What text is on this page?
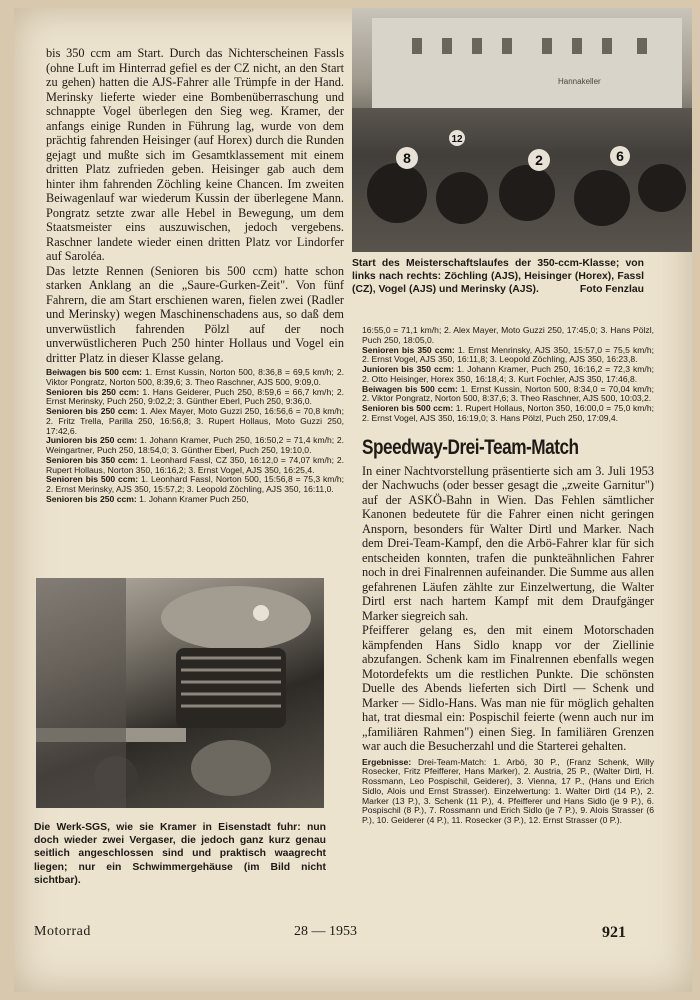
bis 350 ccm am Start. Durch das Nichterscheinen Fassls (ohne Luft im Hinterrad gefiel es der CZ nicht, an den Start zu gehen) hatten die AJS-Fahrer alle Trümpfe in der Hand. Merinsky lieferte wieder eine Bombenüberraschung und schnappte Vogel überlegen den Sieg weg. Kramer, der anfangs einige Runden in Führung lag, wurde von dem prächtig fahrenden Heisinger (auf Horex) durch die Runden gejagt und mußte sich im Gesamtklassement mit einem dritten Platz zufrieden geben. Heisinger gab auch dem hinter ihm fahrenden Zöchling keine Chancen. Im zweiten Beiwagenlauf war wiederum Kussin der überlegene Mann. Pongratz setzte zwar alle Hebel in Bewegung, um dem Staatsmeister eins auszuwischen, jedoch vergebens. Raschner landete wieder einen dritten Platz vor Lindorfer auf Saroléa.

Das letzte Rennen (Senioren bis 500 ccm) hatte schon starken Anklang an die „Saure-Gurken-Zeit". Von fünf Fahrern, die am Start erschienen waren, fielen zwei (Radler und Merinsky) wegen Maschinenschadens aus, so daß dem unverwüstlich fahrenden Pölzl auf der noch unverwüstlicheren Puch 250 hinter Hollaus und Vogel ein dritter Platz in dieser Klasse gelang.

Beiwagen bis 500 ccm: 1. Ernst Kussin, Norton 500, 8:36,8 = 69,5 km/h; 2. Viktor Pongratz, Norton 500, 8:39,6; 3. Theo Raschner, AJS 500, 9:09,0.

Senioren bis 250 ccm: 1. Hans Geiderer, Puch 250, 8:59,6 = 66,7 km/h; 2. Ernst Merinsky, Puch 250, 9:02,2; 3. Günther Eberl, Puch 250, 9:36,0.

Senioren bis 250 ccm: 1. Alex Mayer, Moto Guzzi 250, 16:56,6 = 70,8 km/h; 2. Fritz Trella, Parilla 250, 16:56,8; 3. Rupert Hollaus, Moto Guzzi 250, 17:42,6.

Junioren bis 250 ccm: 1. Johann Kramer, Puch 250, 16:50,2 = 71,4 km/h; 2. Weingartner, Puch 250, 18:54,0; 3. Günther Eberl, Puch 250, 19:10,0.

Senioren bis 350 ccm: 1. Leonhard Fassl, CZ 350, 16:12,0 = 74,07 km/h; 2. Rupert Hollaus, Norton 350, 16:16,2; 3. Ernst Vogel, AJS 350, 16:25,4.

Senioren bis 500 ccm: 1. Leonhard Fassl, Norton 500, 15:56,8 = 75,3 km/h; 2. Ernst Merinsky, AJS 350, 15:57,2; 3. Leopold Zöchling, AJS 350, 16:11,0.

Senioren bis 250 ccm: 1. Johann Kramer Puch 250,

Die Werk-SGS, wie sie Kramer in Eisenstadt fuhr: nun doch wieder zwei Vergaser, die jedoch ganz kurz genau seitlich angeschlossen sind und praktisch waagrecht liegen; nur ein Schwimmergehäuse (im Bild nicht sichtbar).

Hannakeller
8
12
2	6

Start des Meisterschaftslaufes der 350-ccm-Klasse; von links nach rechts: Zöchling (AJS), Heisinger (Horex), Fassl (CZ), Vogel (AJS) und Merinsky (AJS).	Foto Fenzlau

16:55,0 = 71,1 km/h; 2. Alex Mayer, Moto Guzzi 250, 17:45,0; 3. Hans Pölzl, Puch 250, 18:05,0.

Senioren bis 350 ccm: 1. Ernst Menrinsky, AJS 350, 15:57,0 = 75,5 km/h; 2. Ernst Vogel, AJS 350, 16:11,8; 3. Leopold Zöchling, AJS 350, 16:23,8.

Junioren bis 350 ccm: 1. Johann Kramer, Puch 250, 16:16,2 = 72,3 km/h; 2. Otto Heisinger, Horex 350, 16:18,4; 3. Kurt Fochler, AJS 350, 17:46,8.

Beiwagen bis 500 ccm: 1. Ernst Kussin, Norton 500, 8:34,0 = 70,04 km/h; 2. Viktor Pongratz, Norton 500, 8:37,6; 3. Theo Raschner, AJS 500, 10:03,2.

Senioren bis 500 ccm: 1. Rupert Hollaus, Norton 350, 16:00,0 = 75,0 km/h; 2. Ernst Vogel, AJS 350, 16:19,0; 3. Hans Pölzl, Puch 250, 17:09,4.

Speedway-Drei-Team-Match

In einer Nachtvorstellung präsentierte sich am 3. Juli 1953 der Nachwuchs (oder besser gesagt die „zweite Garnitur") auf der ASKÖ-Bahn in Wien. Das Fehlen sämtlicher Kanonen bedeutete für die Fahrer einen nicht geringen Ansporn, besonders für Walter Dirtl und Marker. Nach dem Drei-Team-Kampf, den die Arbö-Fahrer klar für sich entscheiden konnten, trafen die punkteähnlichen Fahrer noch in drei Finalrennen aufeinander. Die Summe aus allen gefahrenen Läufen zählte zur Einzelwertung, die Walter Dirtl erst nach hartem Kampf mit dem Draufgänger Marker siegreich sah.

Pfeifferer gelang es, den mit einem Motorschaden kämpfenden Hans Sidlo knapp vor der Ziellinie abzufangen. Schenk kam im Finalrennen ebenfalls wegen Motordefekts um die restlichen Punkte. Die schönsten Duelle des Abends lieferten sich Dirtl — Schenk und Marker — Sidlo-Hans. Was man nie für möglich gehalten hat, trat diesmal ein: Pospischil feierte (wenn auch nur im „familiären Rahmen") einen Sieg. In familiären Grenzen war auch die Besucherzahl und die Starterei gehalten.

Ergebnisse: Drei-Team-Match: 1. Arbö, 30 P., (Franz Schenk, Willy Rosecker, Fritz Pfeifferer, Hans Marker), 2. Austria, 25 P., (Walter Dirtl, H. Rossmann, Leo Pospischil, Geiderer), 3. Vienna, 17 P., (Hans und Erich Sidlo, Alois und Ernst Strasser). Einzelwertung: 1. Walter Dirtl (14 P.), 2. Marker (13 P.), 3. Schenk (11 P.), 4. Pfeifferer und Hans Sidlo (je 9 P.), 6. Pospischil (8 P.), 7. Rossmann und Erich Sidlo (je 7 P.), 9. Alois Strasser (6 P.), 10. Geiderer (4 P.), 11. Rosecker (3 P.), 12. Ernst Strasser (0 P.).

Motorrad	28 — 1953	921
